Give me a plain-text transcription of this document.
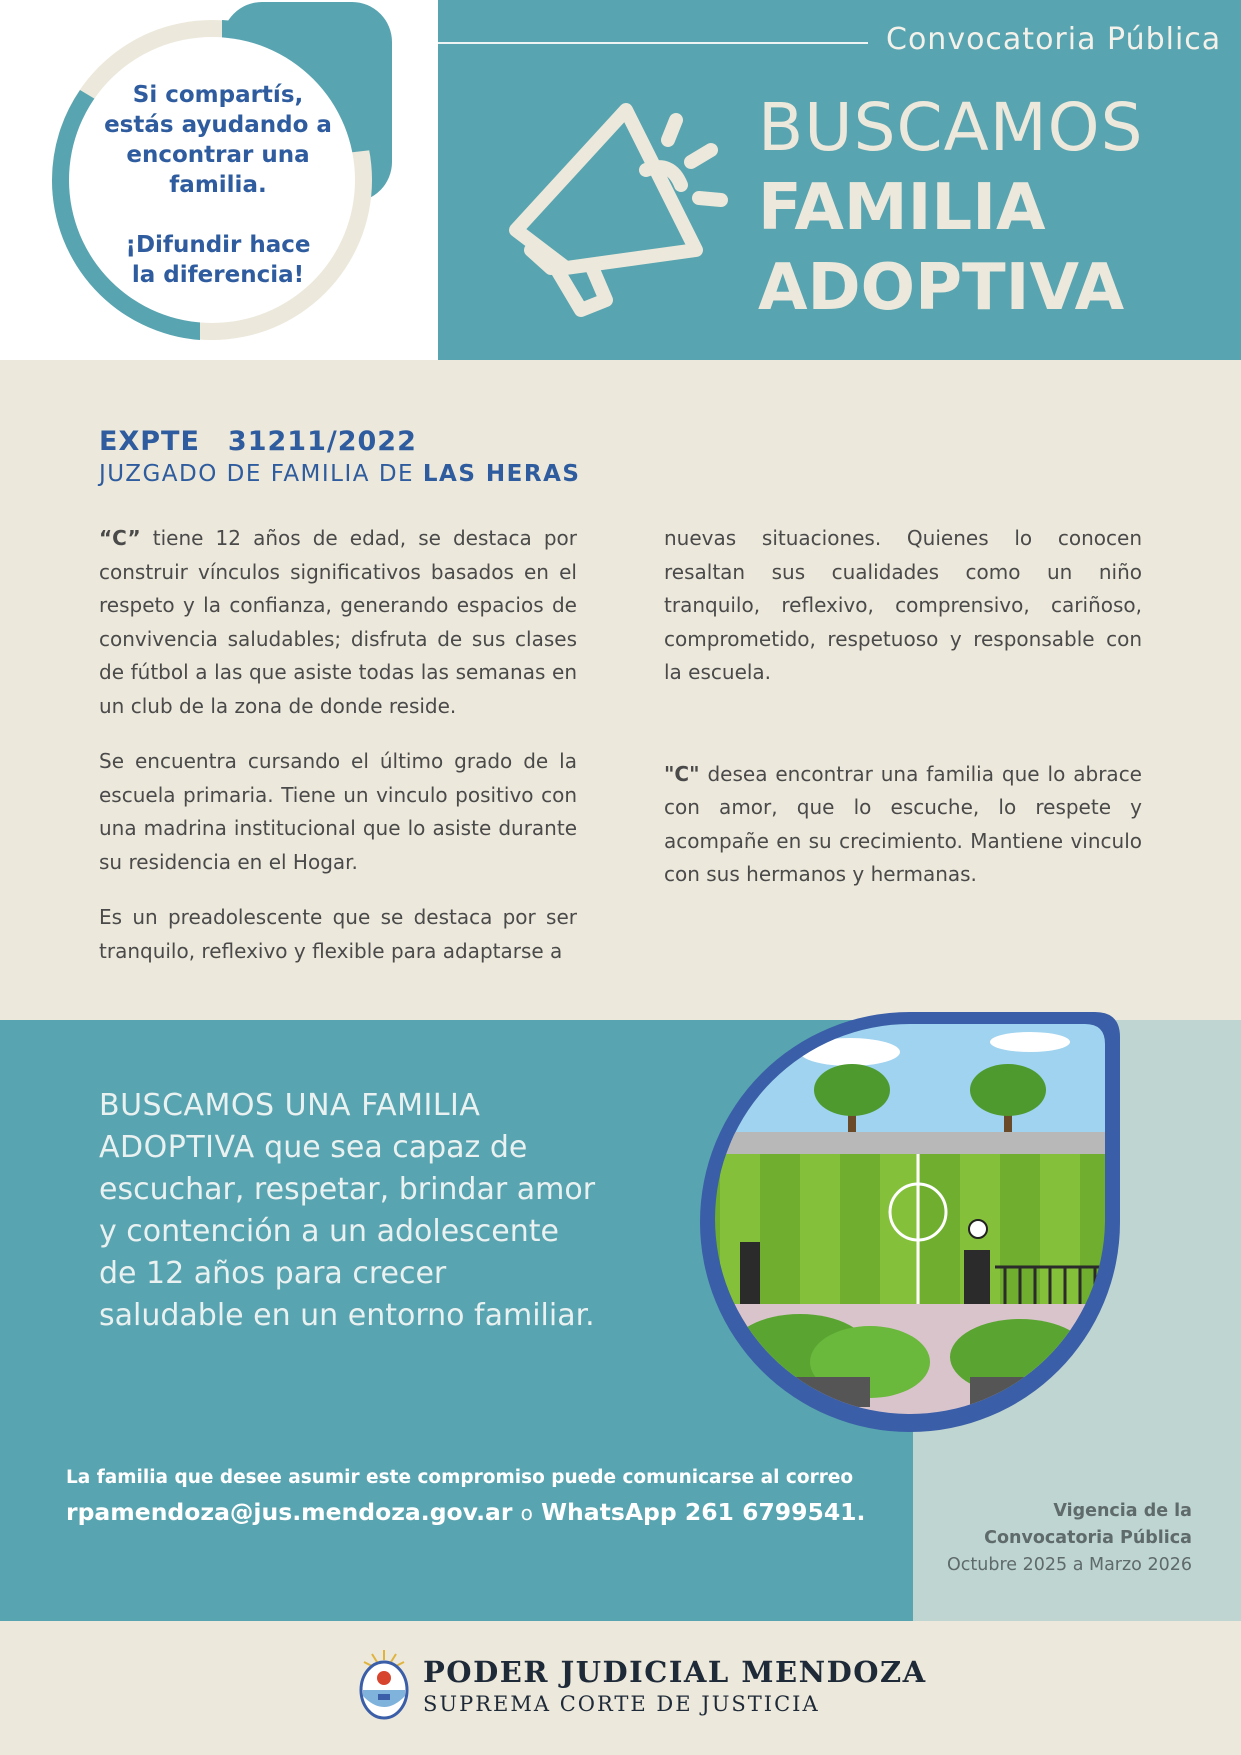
Si compartís,
estás ayudando a
encontrar una
familia.
¡Difundir hace
la diferencia!
Convocatoria Pública
BUSCAMOS
FAMILIA
ADOPTIVA
EXPTE 31211/2022
JUZGADO DE FAMILIA DE LAS HERAS

“C” tiene 12 años de edad, se destaca por construir vínculos significativos basados en el respeto y la confianza, generando espacios de convivencia saludables; disfruta de sus clases de fútbol a las que asiste todas las semanas en un club de la zona de donde reside.

Se encuentra cursando el último grado de la escuela primaria. Tiene un vinculo positivo con una madrina institucional que lo asiste durante su residencia en el Hogar.

Es un preadolescente que se destaca por ser tranquilo, reflexivo y flexible para adaptarse a

nuevas situaciones. Quienes lo conocen resaltan sus cualidades como un niño tranquilo, reflexivo, comprensivo, cariñoso, comprometido, respetuoso y responsable con la escuela.

"C" desea encontrar una familia que lo abrace con amor, que lo escuche, lo respete y acompañe en su crecimiento. Mantiene vinculo con sus hermanos y hermanas.

BUSCAMOS UNA FAMILIA
ADOPTIVA que sea capaz de escuchar, respetar, brindar amor y contención a un adolescente de 12 años para crecer saludable en un entorno familiar.
La familia que desee asumir este compromiso puede comunicarse al correo
rpamendoza@jus.mendoza.gov.ar o WhatsApp 261 6799541.	Vigencia de la
Convocatoria Pública
Octubre 2025 a Marzo 2026
PODER JUDICIAL MENDOZA
SUPREMA CORTE DE JUSTICIA
